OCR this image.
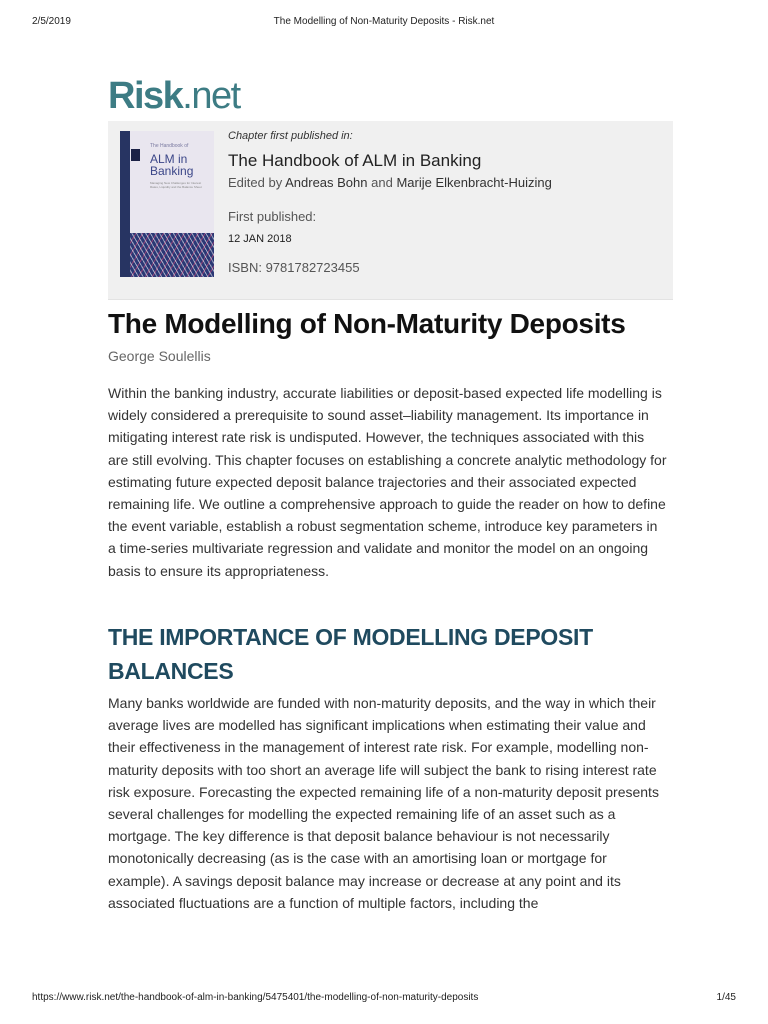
2/5/2019	The Modelling of Non-Maturity Deposits - Risk.net
Risk.net
The Handbook of
ALM in Banking
Managing New Challenges for Interest Rates, Liquidity and the Balance Sheet
Chapter first published in:
The Handbook of ALM in Banking
Edited by Andreas Bohn and Marije Elkenbracht-Huizing
First published:
12 JAN 2018
ISBN: 9781782723455
The Modelling of Non-Maturity Deposits
George Soulellis

Within the banking industry, accurate liabilities or deposit-based expected life modelling is widely considered a prerequisite to sound asset–liability management. Its importance in mitigating interest rate risk is undisputed. However, the techniques associated with this are still evolving. This chapter focuses on establishing a concrete analytic methodology for estimating future expected deposit balance trajectories and their associated expected remaining life. We outline a comprehensive approach to guide the reader on how to define the event variable, establish a robust segmentation scheme, introduce key parameters in a time-series multivariate regression and validate and monitor the model on an ongoing basis to ensure its appropriateness.

THE IMPORTANCE OF MODELLING DEPOSIT BALANCES

Many banks worldwide are funded with non-maturity deposits, and the way in which their average lives are modelled has significant implications when estimating their value and their effectiveness in the management of interest rate risk. For example, modelling non-maturity deposits with too short an average life will subject the bank to rising interest rate risk exposure. Forecasting the expected remaining life of a non-maturity deposit presents several challenges for modelling the expected remaining life of an asset such as a mortgage. The key difference is that deposit balance behaviour is not necessarily monotonically decreasing (as is the case with an amortising loan or mortgage for example). A savings deposit balance may increase or decrease at any point and its associated fluctuations are a function of multiple factors, including the

https://www.risk.net/the-handbook-of-alm-in-banking/5475401/the-modelling-of-non-maturity-deposits	1/45
